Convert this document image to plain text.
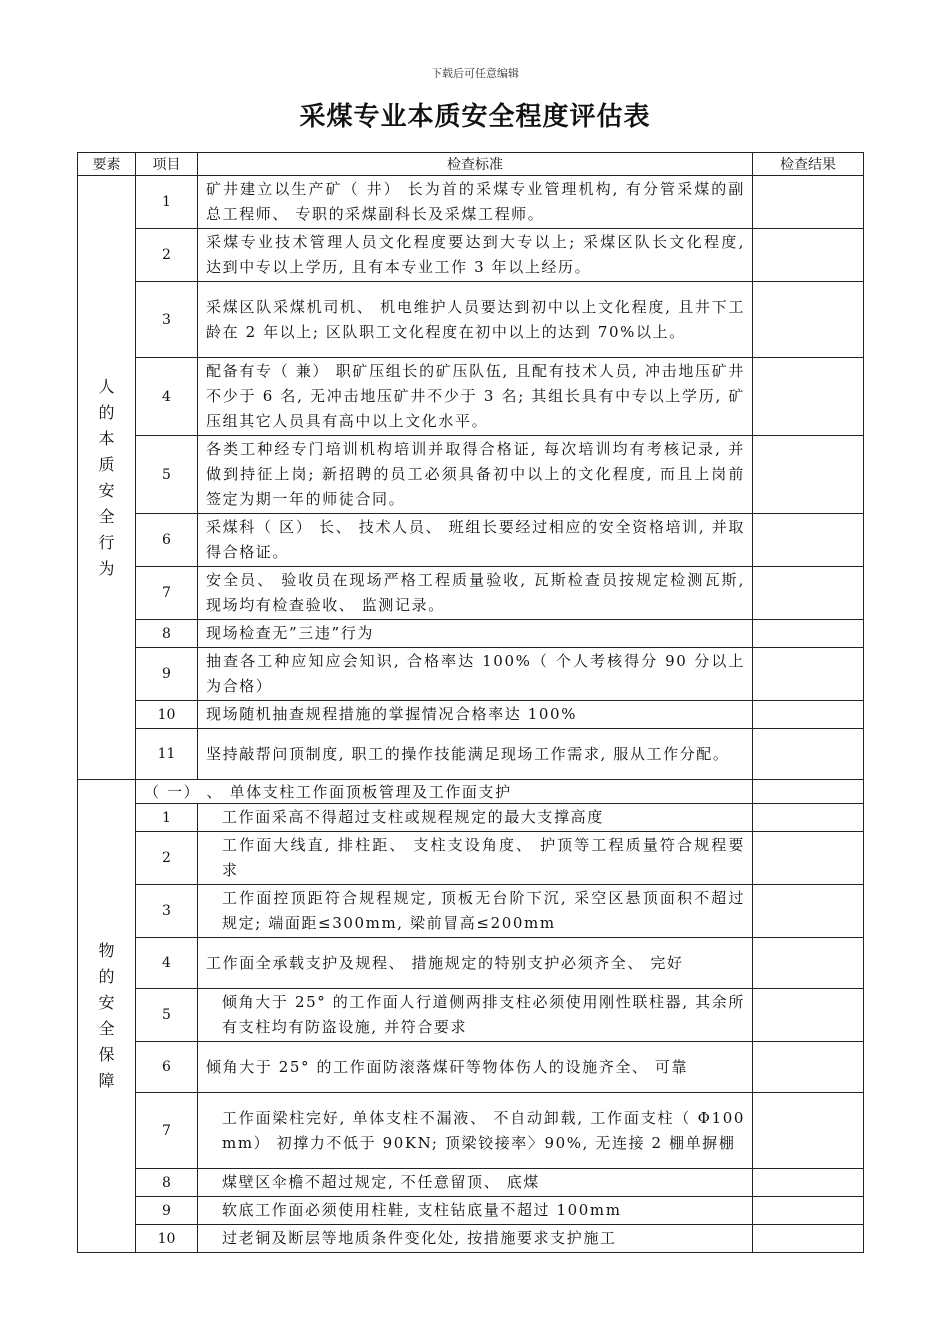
下载后可任意编辑
采煤专业本质安全程度评估表
要素	项目	检查标准	检查结果
人的本质安全行为	1	矿井建立以生产矿（ 井） 长为首的采煤专业管理机构, 有分管采煤的副总工程师、 专职的采煤副科长及采煤工程师。	
	2	采煤专业技术管理人员文化程度要达到大专以上; 采煤区队长文化程度, 达到中专以上学历, 且有本专业工作 3 年以上经历。	
	3	采煤区队采煤机司机、 机电维护人员要达到初中以上文化程度, 且井下工龄在 2 年以上; 区队职工文化程度在初中以上的达到 70%以上。	
	4	配备有专（ 兼） 职矿压组长的矿压队伍, 且配有技术人员, 冲击地压矿井不少于 6 名, 无冲击地压矿井不少于 3 名; 其组长具有中专以上学历, 矿压组其它人员具有高中以上文化水平。	
	5	各类工种经专门培训机构培训并取得合格证, 每次培训均有考核记录, 并做到持征上岗; 新招聘的员工必须具备初中以上的文化程度, 而且上岗前签定为期一年的师徒合同。	
	6	采煤科（ 区） 长、 技术人员、 班组长要经过相应的安全资格培训, 并取得合格证。	
	7	安全员、 验收员在现场严格工程质量验收, 瓦斯检查员按规定检测瓦斯, 现场均有检查验收、 监测记录。	
	8	现场检查无”三违”行为	
	9	抽查各工种应知应会知识, 合格率达 100%（ 个人考核得分 90 分以上为合格）	
	10	现场随机抽查规程措施的掌握情况合格率达 100%	
	11	坚持敲帮问顶制度, 职工的操作技能满足现场工作需求, 服从工作分配。	
物的安全保障	（ 一） 、 单体支柱工作面顶板管理及工作面支护		
	1	工作面采高不得超过支柱或规程规定的最大支撑高度	
	2	工作面大线直, 排柱距、 支柱支设角度、 护顶等工程质量符合规程要求	
	3	工作面控顶距符合规程规定, 顶板无台阶下沉, 采空区悬顶面积不超过规定; 端面距≤300mm, 梁前冒高≤200mm	
	4	工作面全承载支护及规程、 措施规定的特别支护必须齐全、 完好	
	5	倾角大于 25° 的工作面人行道侧两排支柱必须使用刚性联柱器, 其余所有支柱均有防盗设施, 并符合要求	
	6	倾角大于 25° 的工作面防滚落煤矸等物体伤人的设施齐全、 可靠	
	7	工作面梁柱完好, 单体支柱不漏液、 不自动卸载, 工作面支柱（ Φ100mm） 初撑力不低于 90KN; 顶梁铰接率〉90%, 无连接 2 棚单摒棚	
	8	煤壁区伞檐不超过规定, 不任意留顶、 底煤	
	9	软底工作面必须使用柱鞋, 支柱钻底量不超过 100mm	
	10	过老铜及断层等地质条件变化处, 按措施要求支护施工	
